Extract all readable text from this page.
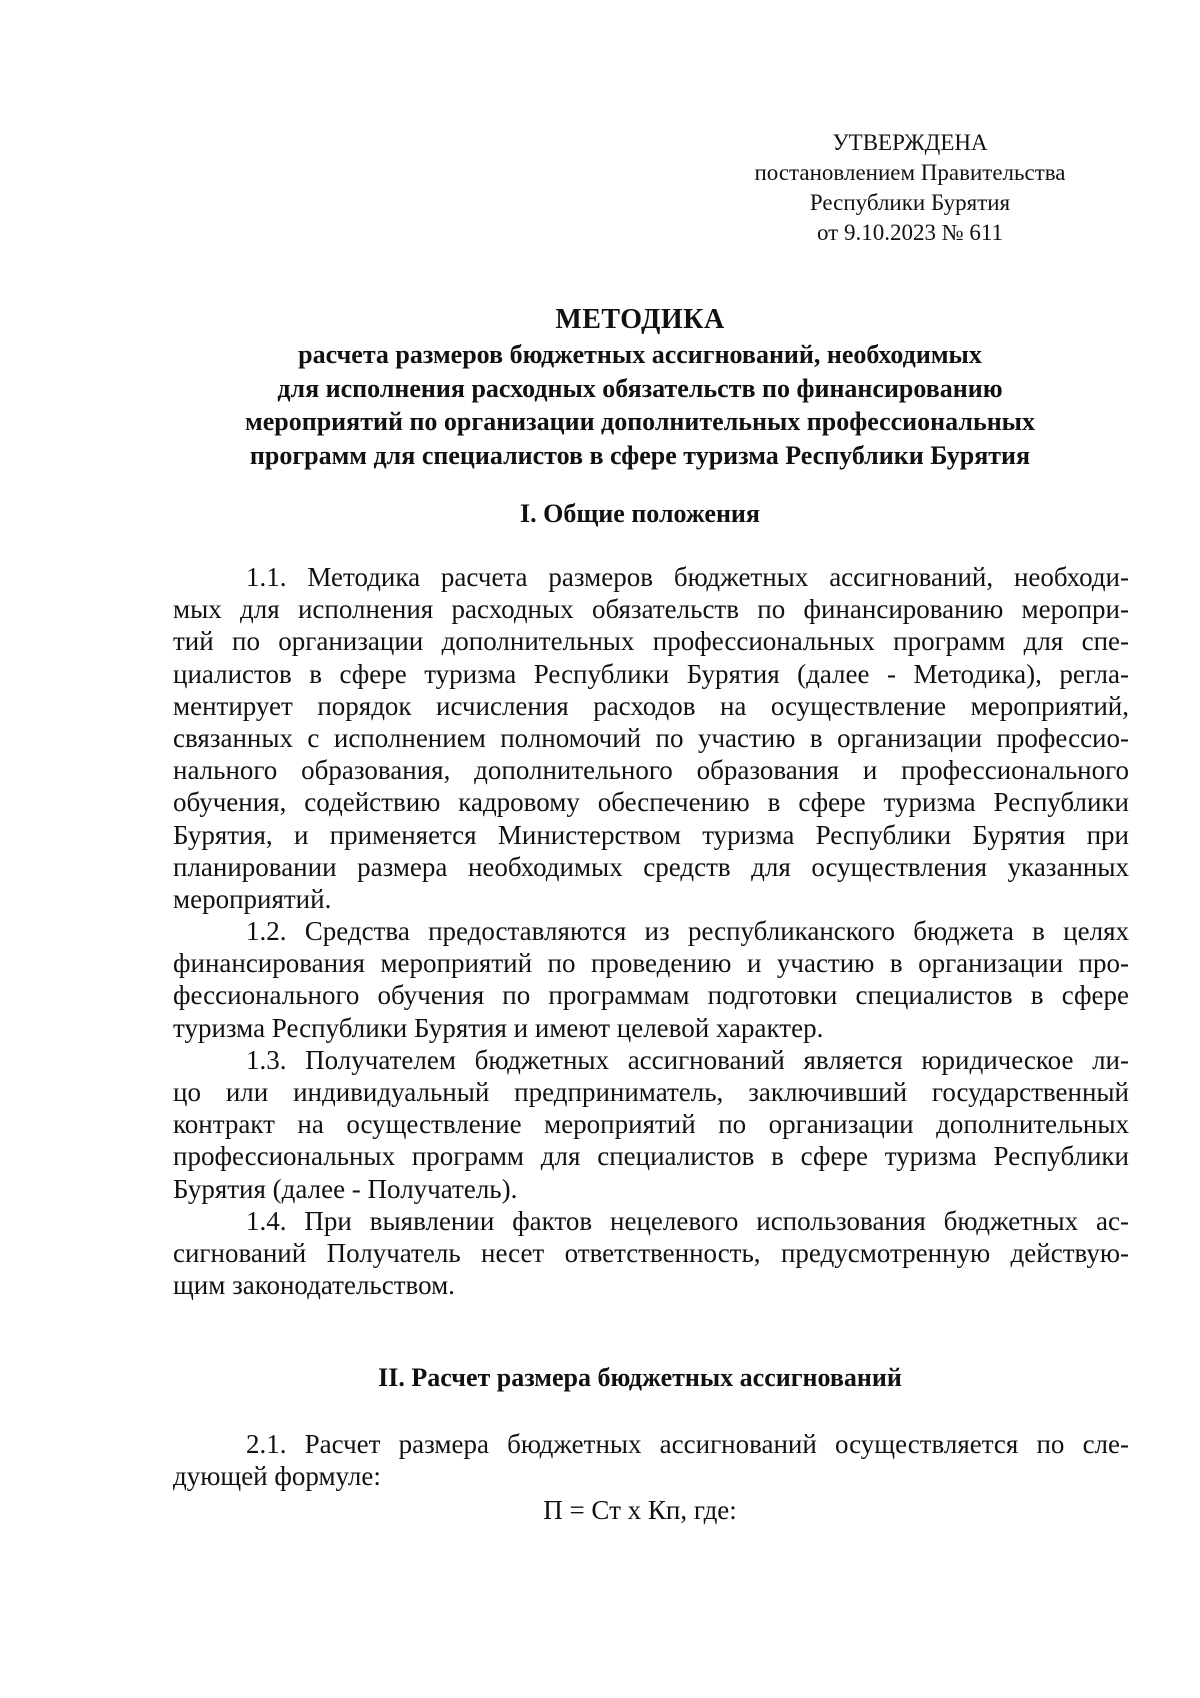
УТВЕРЖДЕНА
постановлением Правительства
Республики Бурятия
от 9.10.2023 № 611
МЕТОДИКА
расчета размеров бюджетных ассигнований, необходимых
для исполнения расходных обязательств по финансированию
мероприятий по организации дополнительных профессиональных
программ для специалистов в сфере туризма Республики Бурятия
I. Общие положения
1.1. Методика расчета размеров бюджетных ассигнований, необходи-
мых для исполнения расходных обязательств по финансированию меропри-
тий по организации дополнительных профессиональных программ для спе-
циалистов в сфере туризма Республики Бурятия (далее - Методика), регла-
ментирует порядок исчисления расходов на осуществление мероприятий,
связанных с исполнением полномочий по участию в организации профессио-
нального образования, дополнительного образования и профессионального
обучения, содействию кадровому обеспечению в сфере туризма Республики
Бурятия, и применяется Министерством туризма Республики Бурятия при
планировании размера необходимых средств для осуществления указанных
мероприятий.
1.2. Средства предоставляются из республиканского бюджета в целях
финансирования мероприятий по проведению и участию в организации про-
фессионального обучения по программам подготовки специалистов в сфере
туризма Республики Бурятия и имеют целевой характер.
1.3. Получателем бюджетных ассигнований является юридическое ли-
цо или индивидуальный предприниматель, заключивший государственный
контракт на осуществление мероприятий по организации дополнительных
профессиональных программ для специалистов в сфере туризма Республики
Бурятия (далее - Получатель).
1.4. При выявлении фактов нецелевого использования бюджетных ас-
сигнований Получатель несет ответственность, предусмотренную действую-
щим законодательством.
II. Расчет размера бюджетных ассигнований
2.1. Расчет размера бюджетных ассигнований осуществляется по сле-
дующей формуле:
П = Ст х Кп, где:
